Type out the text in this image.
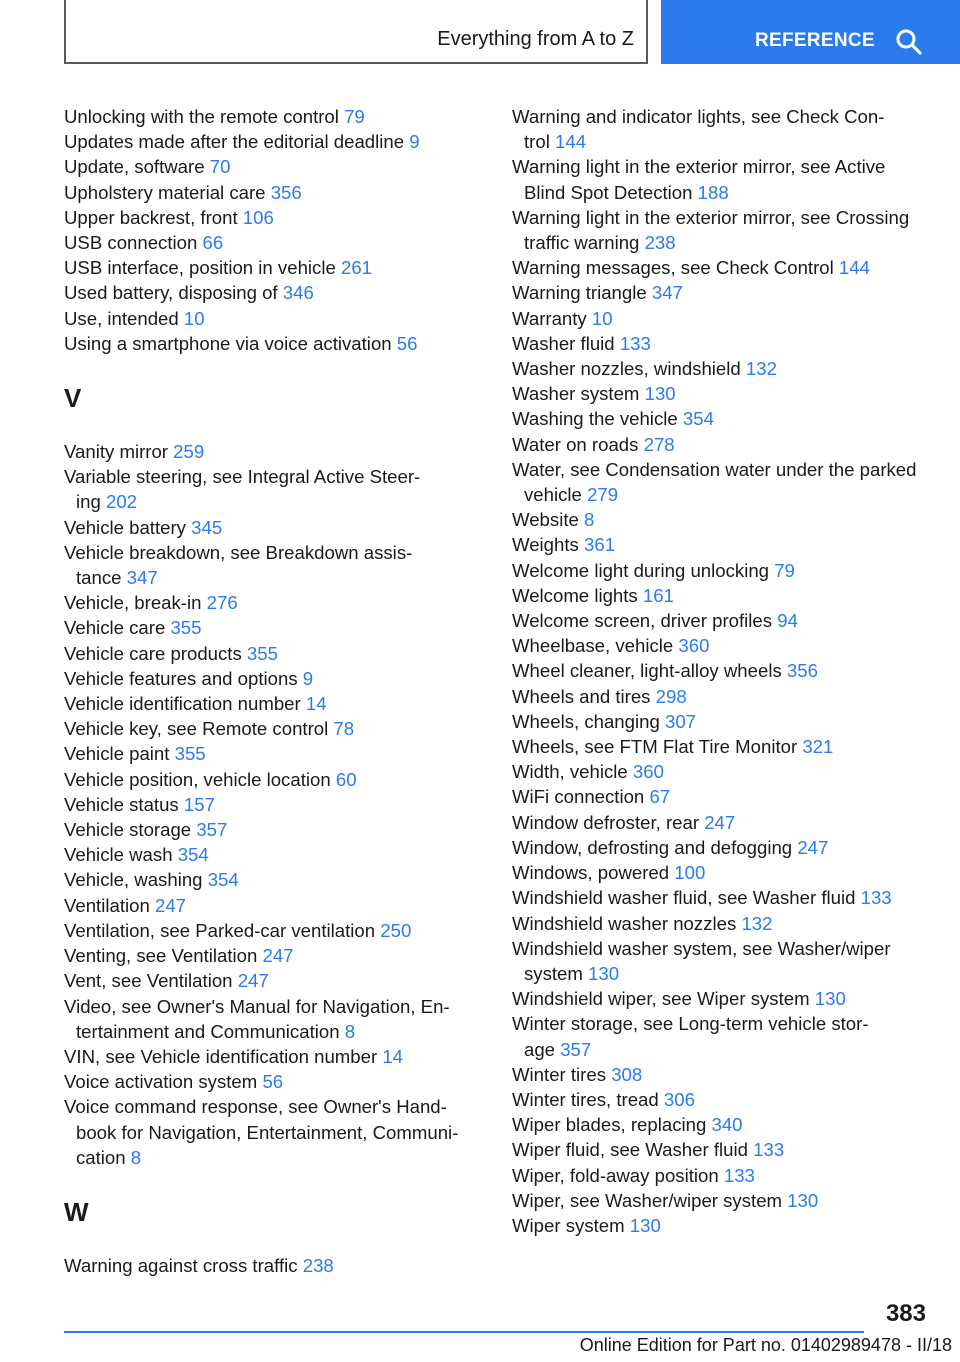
Everything from A to Z	REFERENCE
Unlocking with the remote control 79
Updates made after the editorial deadline 9
Update, software 70
Upholstery material care 356
Upper backrest, front 106
USB connection 66
USB interface, position in vehicle 261
Used battery, disposing of 346
Use, intended 10
Using a smartphone via voice activation 56
V
Vanity mirror 259
Variable steering, see Integral Active Steer-
ing 202
Vehicle battery 345
Vehicle breakdown, see Breakdown assis-
tance 347
Vehicle, break-in 276
Vehicle care 355
Vehicle care products 355
Vehicle features and options 9
Vehicle identification number 14
Vehicle key, see Remote control 78
Vehicle paint 355
Vehicle position, vehicle location 60
Vehicle status 157
Vehicle storage 357
Vehicle wash 354
Vehicle, washing 354
Ventilation 247
Ventilation, see Parked-car ventilation 250
Venting, see Ventilation 247
Vent, see Ventilation 247
Video, see Owner's Manual for Navigation, En-
tertainment and Communication 8
VIN, see Vehicle identification number 14
Voice activation system 56
Voice command response, see Owner's Hand-
book for Navigation, Entertainment, Communi-
cation 8
W
Warning against cross traffic 238
Warning and indicator lights, see Check Con-
trol 144
Warning light in the exterior mirror, see Active
Blind Spot Detection 188
Warning light in the exterior mirror, see Crossing
traffic warning 238
Warning messages, see Check Control 144
Warning triangle 347
Warranty 10
Washer fluid 133
Washer nozzles, windshield 132
Washer system 130
Washing the vehicle 354
Water on roads 278
Water, see Condensation water under the parked
vehicle 279
Website 8
Weights 361
Welcome light during unlocking 79
Welcome lights 161
Welcome screen, driver profiles 94
Wheelbase, vehicle 360
Wheel cleaner, light-alloy wheels 356
Wheels and tires 298
Wheels, changing 307
Wheels, see FTM Flat Tire Monitor 321
Width, vehicle 360
WiFi connection 67
Window defroster, rear 247
Window, defrosting and defogging 247
Windows, powered 100
Windshield washer fluid, see Washer fluid 133
Windshield washer nozzles 132
Windshield washer system, see Washer/wiper
system 130
Windshield wiper, see Wiper system 130
Winter storage, see Long-term vehicle stor-
age 357
Winter tires 308
Winter tires, tread 306
Wiper blades, replacing 340
Wiper fluid, see Washer fluid 133
Wiper, fold-away position 133
Wiper, see Washer/wiper system 130
Wiper system 130
383
Online Edition for Part no. 01402989478 - II/18
